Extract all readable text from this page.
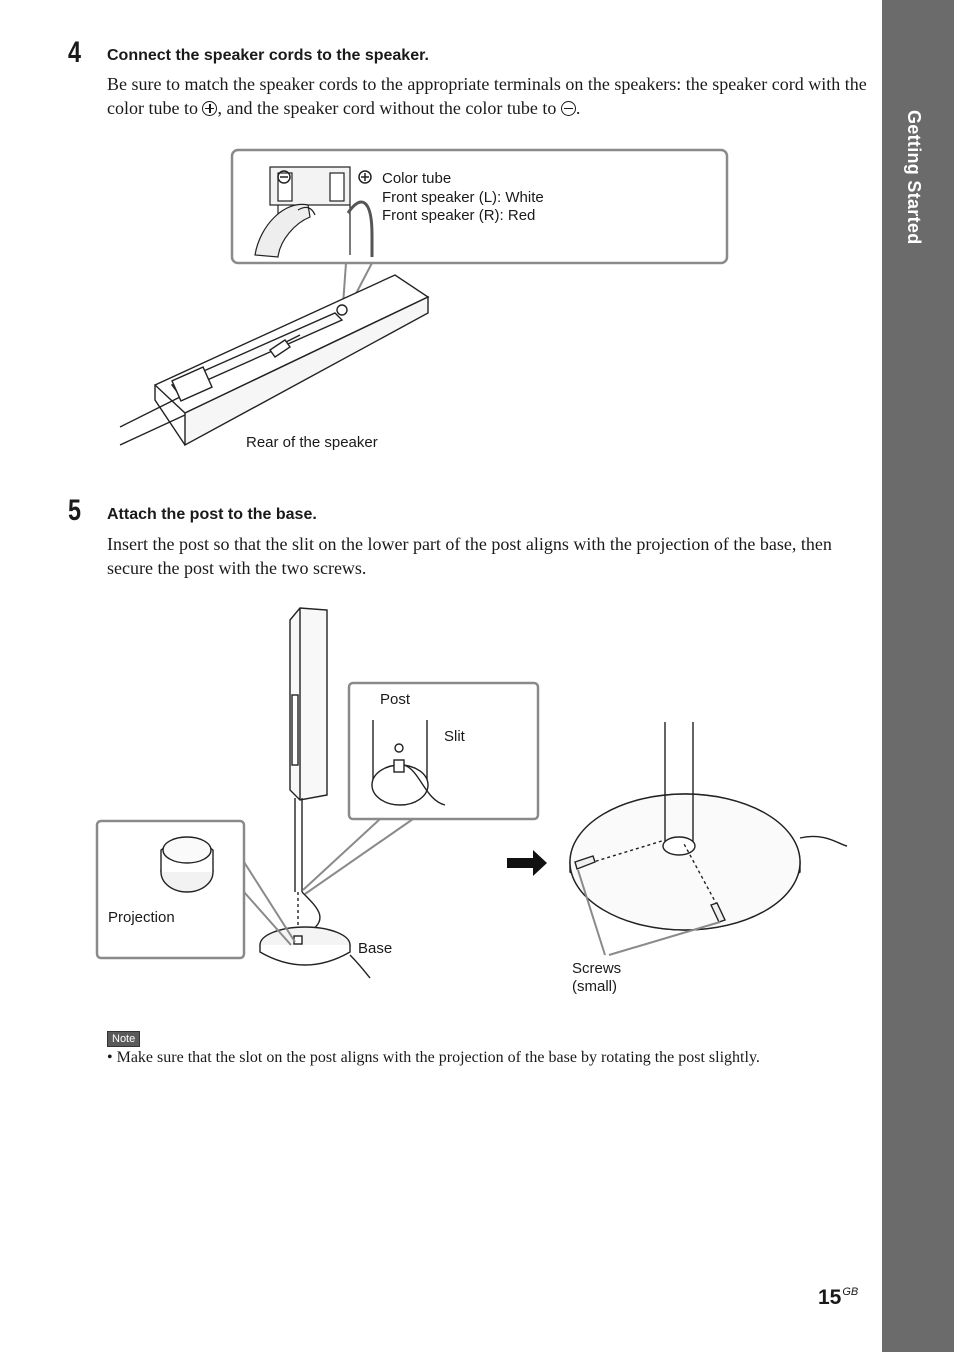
Getting Started
4 Connect the speaker cords to the speaker.
Be sure to match the speaker cords to the appropriate terminals on the speakers: the speaker cord with the color tube to , and the speaker cord without the color tube to .
Color tube
Front speaker (L): White
Front speaker (R): Red
Rear of the speaker
5 Attach the post to the base.
Insert the post so that the slit on the lower part of the post aligns with the projection of the base, then secure the post with the two screws.
Projection
Post
Slit
Base
Screws
(small)
Note
• Make sure that the slot on the post aligns with the projection of the base by rotating the post slightly.
$15^{GB}$
